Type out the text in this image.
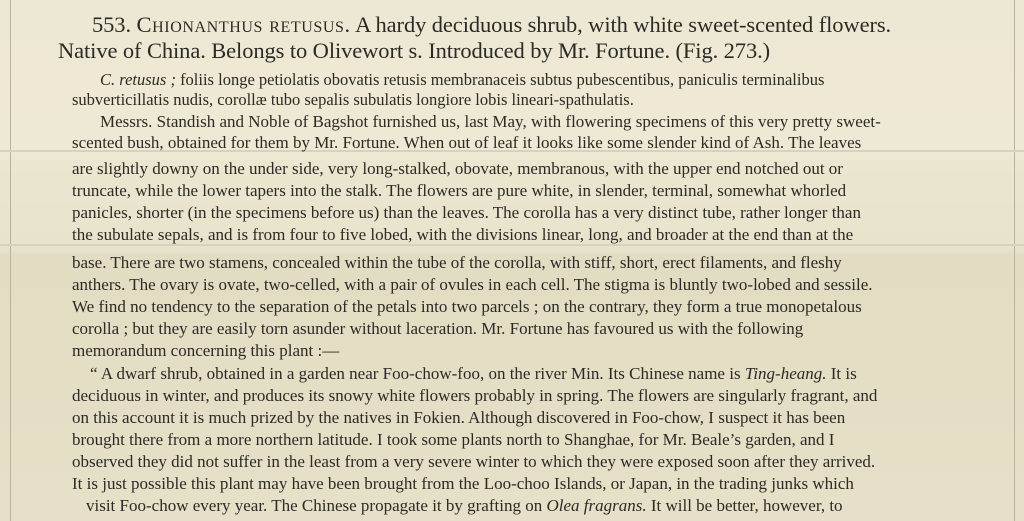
553. Chionanthus retusus. A hardy deciduous shrub, with white sweet-scented flowers.
Native of China. Belongs to Olivewort s. Introduced by Mr. Fortune. (Fig. 273.)
C. retusus ; foliis longe petiolatis obovatis retusis membranaceis subtus pubescentibus, paniculis terminalibus
subverticillatis nudis, corollæ tubo sepalis subulatis longiore lobis lineari-spathulatis.
Messrs. Standish and Noble of Bagshot furnished us, last May, with flowering specimens of this very pretty sweet-
scented bush, obtained for them by Mr. Fortune. When out of leaf it looks like some slender kind of Ash. The leaves
are slightly downy on the under side, very long-stalked, obovate, membranous, with the upper end notched out or
truncate, while the lower tapers into the stalk. The flowers are pure white, in slender, terminal, somewhat whorled
panicles, shorter (in the specimens before us) than the leaves. The corolla has a very distinct tube, rather longer than
the subulate sepals, and is from four to five lobed, with the divisions linear, long, and broader at the end than at the
base. There are two stamens, concealed within the tube of the corolla, with stiff, short, erect filaments, and fleshy
anthers. The ovary is ovate, two-celled, with a pair of ovules in each cell. The stigma is bluntly two-lobed and sessile.
We find no tendency to the separation of the petals into two parcels ; on the contrary, they form a true monopetalous
corolla ; but they are easily torn asunder without laceration. Mr. Fortune has favoured us with the following
memorandum concerning this plant :—
“ A dwarf shrub, obtained in a garden near Foo-chow-foo, on the river Min. Its Chinese name is Ting-heang. It is
deciduous in winter, and produces its snowy white flowers probably in spring. The flowers are singularly fragrant, and
on this account it is much prized by the natives in Fokien. Although discovered in Foo-chow, I suspect it has been
brought there from a more northern latitude. I took some plants north to Shanghae, for Mr. Beale’s garden, and I
observed they did not suffer in the least from a very severe winter to which they were exposed soon after they arrived.
It is just possible this plant may have been brought from the Loo-choo Islands, or Japan, in the trading junks which
visit Foo-chow every year. The Chinese propagate it by grafting on Olea fragrans. It will be better, however, to
